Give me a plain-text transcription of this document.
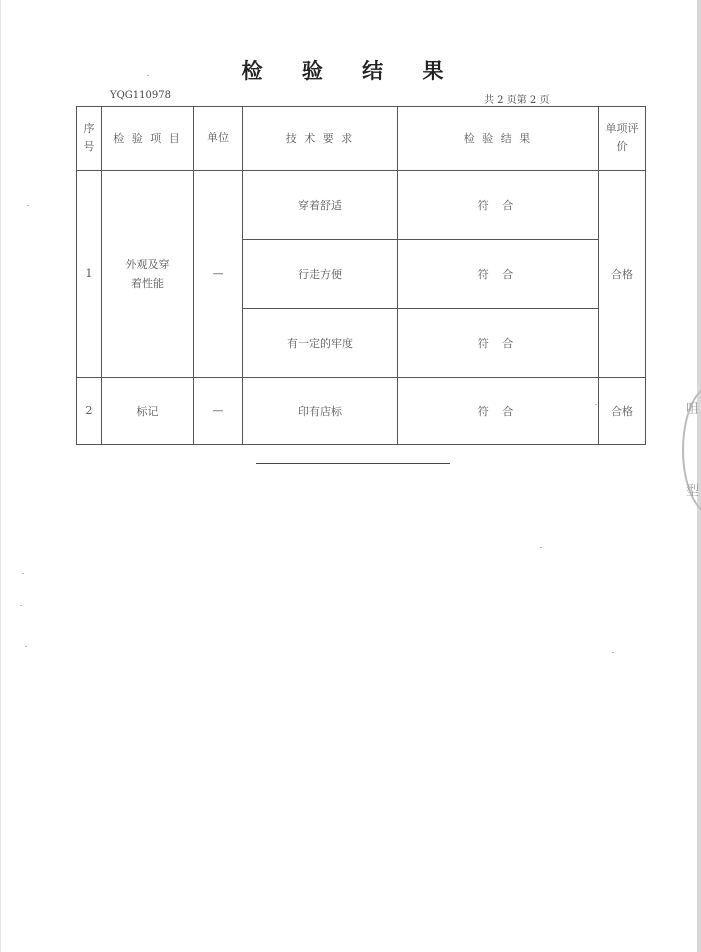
检 验 结 果
YQG110978	共 2 页第 2 页
序号	检 验 项 目	单位	技 术 要 求	检 验 结 果	单项评价
1	外观及穿着性能	—	穿着舒适	符 合	合格
			行走方便	符 合	
			有一定的牢度	符 合	
2	标记	—	印有店标	符 合	合格	咀
型
